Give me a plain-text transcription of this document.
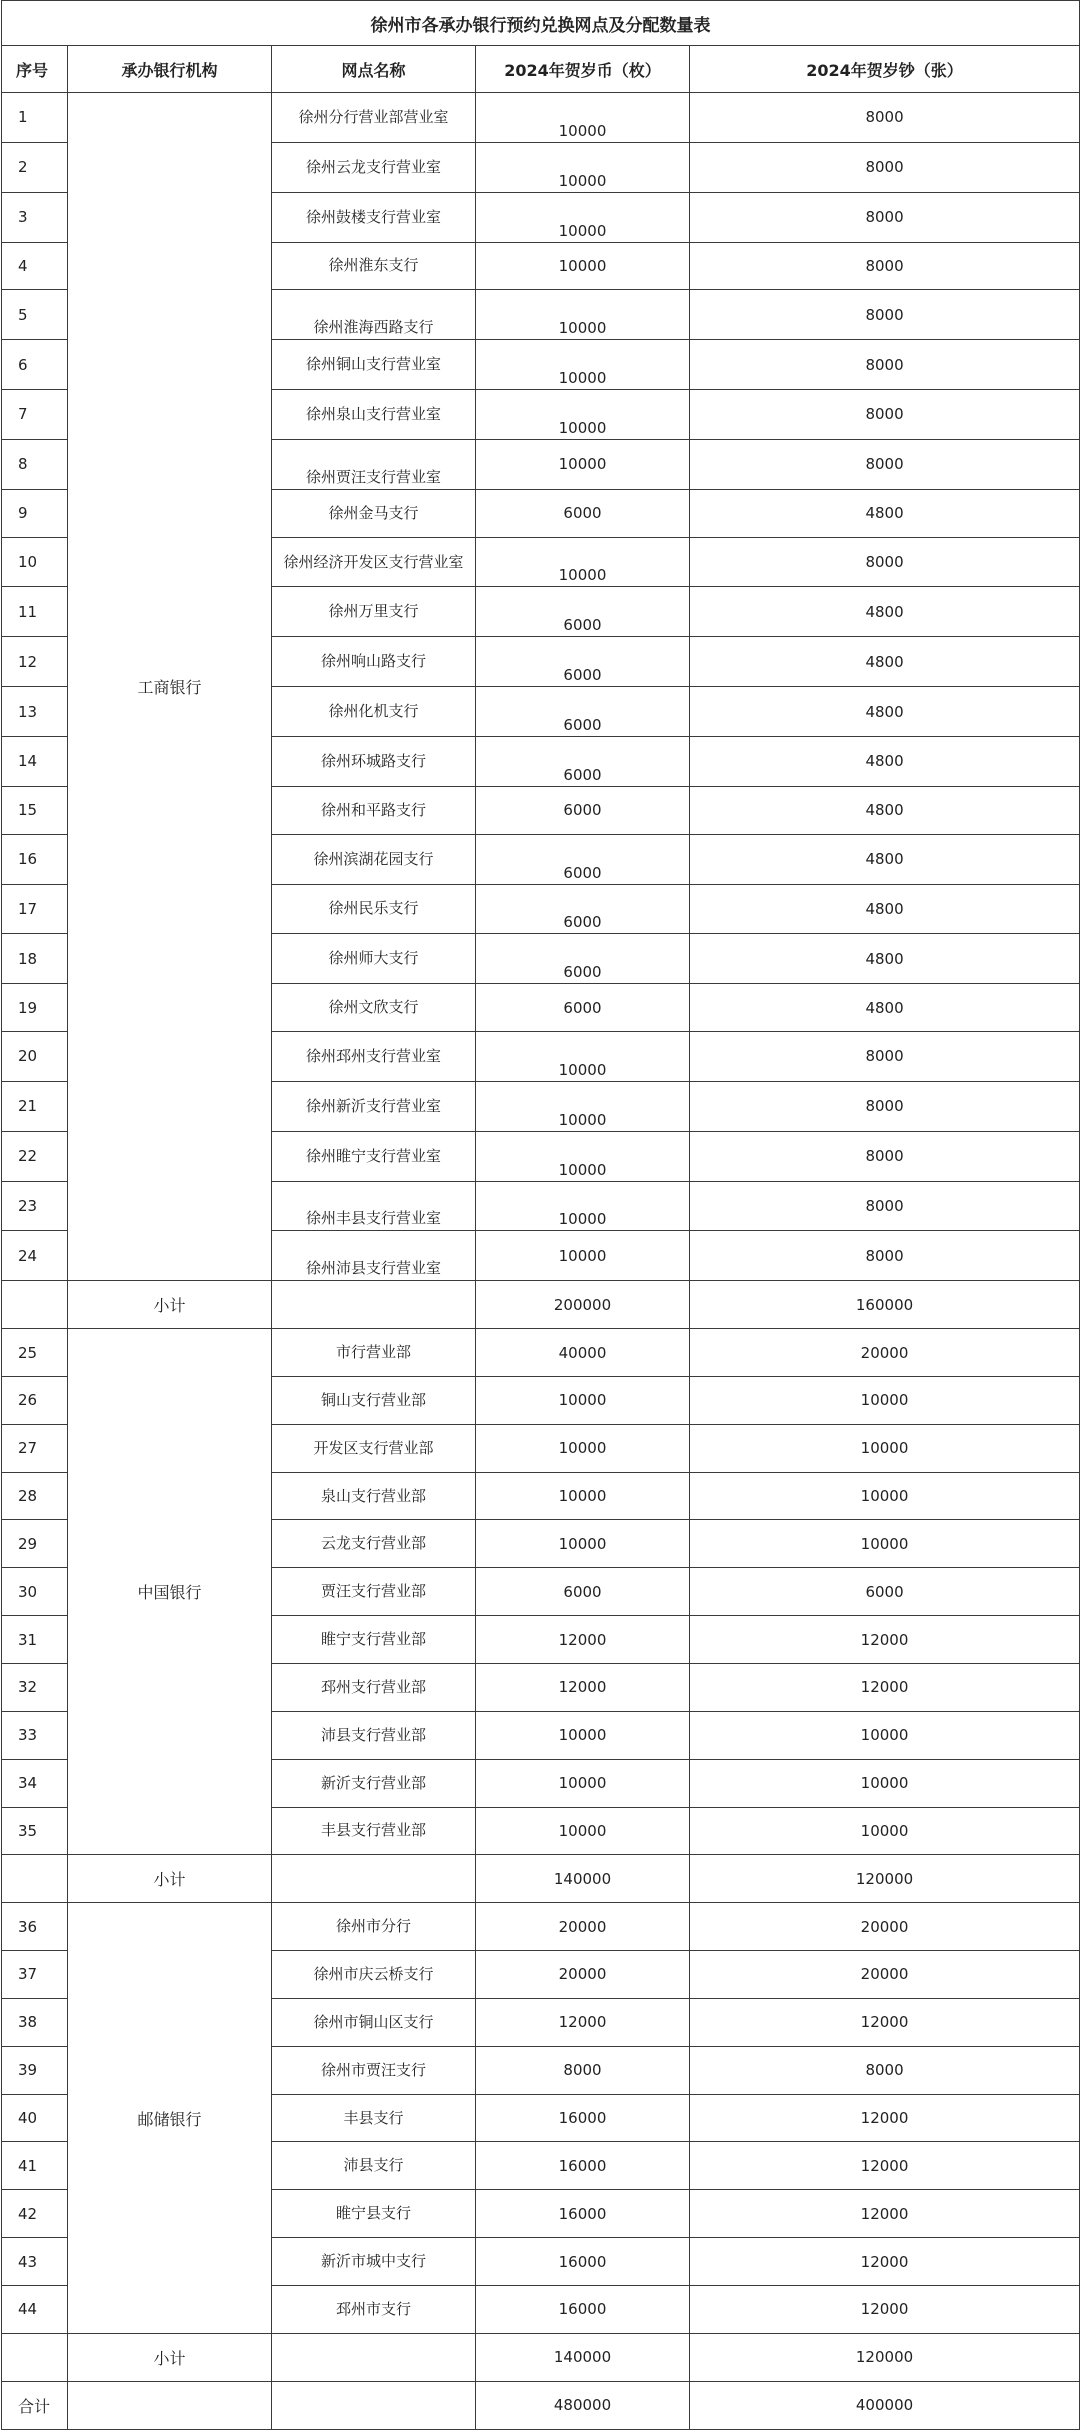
徐州市各承办银行预约兑换网点及分配数量表				
序号	承办银行机构	网点名称	2024年贺岁币（枚）	2024年贺岁钞（张）
1	工商银行	徐州分行营业部营业室	10000	8000
2		徐州云龙支行营业室	10000	8000
3		徐州鼓楼支行营业室	10000	8000
4		徐州淮东支行	10000	8000
5		徐州淮海西路支行	10000	8000
6		徐州铜山支行营业室	10000	8000
7		徐州泉山支行营业室	10000	8000
8		徐州贾汪支行营业室	10000	8000
9		徐州金马支行	6000	4800
10		徐州经济开发区支行营业室	10000	8000
11		徐州万里支行	6000	4800
12		徐州响山路支行	6000	4800
13		徐州化机支行	6000	4800
14		徐州环城路支行	6000	4800
15		徐州和平路支行	6000	4800
16		徐州滨湖花园支行	6000	4800
17		徐州民乐支行	6000	4800
18		徐州师大支行	6000	4800
19		徐州文欣支行	6000	4800
20		徐州邳州支行营业室	10000	8000
21		徐州新沂支行营业室	10000	8000
22		徐州睢宁支行营业室	10000	8000
23		徐州丰县支行营业室	10000	8000
24		徐州沛县支行营业室	10000	8000
	小计		200000	160000
25	中国银行	市行营业部	40000	20000
26		铜山支行营业部	10000	10000
27		开发区支行营业部	10000	10000
28		泉山支行营业部	10000	10000
29		云龙支行营业部	10000	10000
30		贾汪支行营业部	6000	6000
31		睢宁支行营业部	12000	12000
32		邳州支行营业部	12000	12000
33		沛县支行营业部	10000	10000
34		新沂支行营业部	10000	10000
35		丰县支行营业部	10000	10000
	小计		140000	120000
36	邮储银行	徐州市分行	20000	20000
37		徐州市庆云桥支行	20000	20000
38		徐州市铜山区支行	12000	12000
39		徐州市贾汪支行	8000	8000
40		丰县支行	16000	12000
41		沛县支行	16000	12000
42		睢宁县支行	16000	12000
43		新沂市城中支行	16000	12000
44		邳州市支行	16000	12000
	小计		140000	120000
合计			480000	400000
